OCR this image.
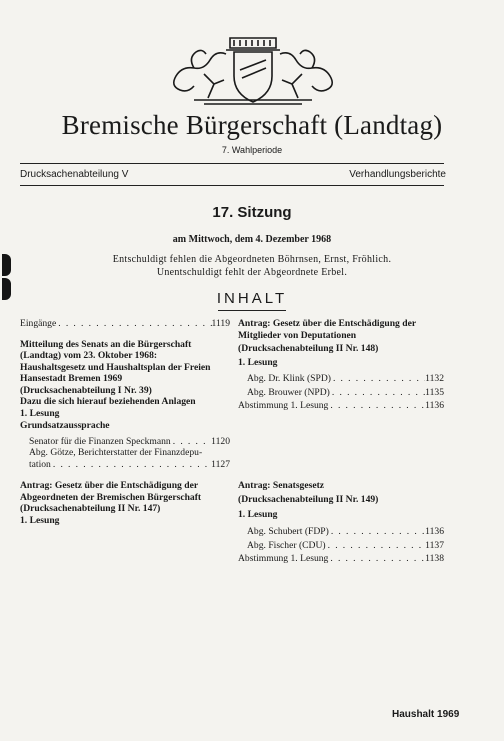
Bremische Bürgerschaft (Landtag)
7. Wahlperiode
Drucksachenabteilung V	Verhandlungsberichte
17. Sitzung
am Mittwoch, dem 4. Dezember 1968
Entschuldigt fehlen die Abgeordneten Böhrnsen, Ernst, Fröhlich.
Unentschuldigt fehlt der Abgeordnete Erbel.
INHALT
Eingänge . . .	1119
Mitteilung des Senats an die Bürgerschaft
(Landtag) vom 23. Oktober 1968:
Haushaltsgesetz und Haushaltsplan der Freien
Hansestadt Bremen 1969
(Drucksachenabteilung I Nr. 39)
Dazu die sich hierauf beziehenden Anlagen
1. Lesung
Grundsatzaussprache
Senator für die Finanzen Speckmann . . .	1120
Abg. Götze, Berichterstatter der Finanzdepu-
tation . . .	1127
Antrag: Gesetz über die Entschädigung der
Abgeordneten der Bremischen Bürgerschaft
(Drucksachenabteilung II Nr. 147)
1. Lesung
Antrag: Gesetz über die Entschädigung der
Mitglieder von Deputationen
(Drucksachenabteilung II Nr. 148)
1. Lesung
Abg. Dr. Klink (SPD) . . .	1132
Abg. Brouwer (NPD) . . .	1135
Abstimmung 1. Lesung . . .	1136
Antrag: Senatsgesetz
(Drucksachenabteilung II Nr. 149)
1. Lesung
Abg. Schubert (FDP) . . .	1136
Abg. Fischer (CDU) . . .	1137
Abstimmung 1. Lesung . . .	1138
Haushalt 1969
